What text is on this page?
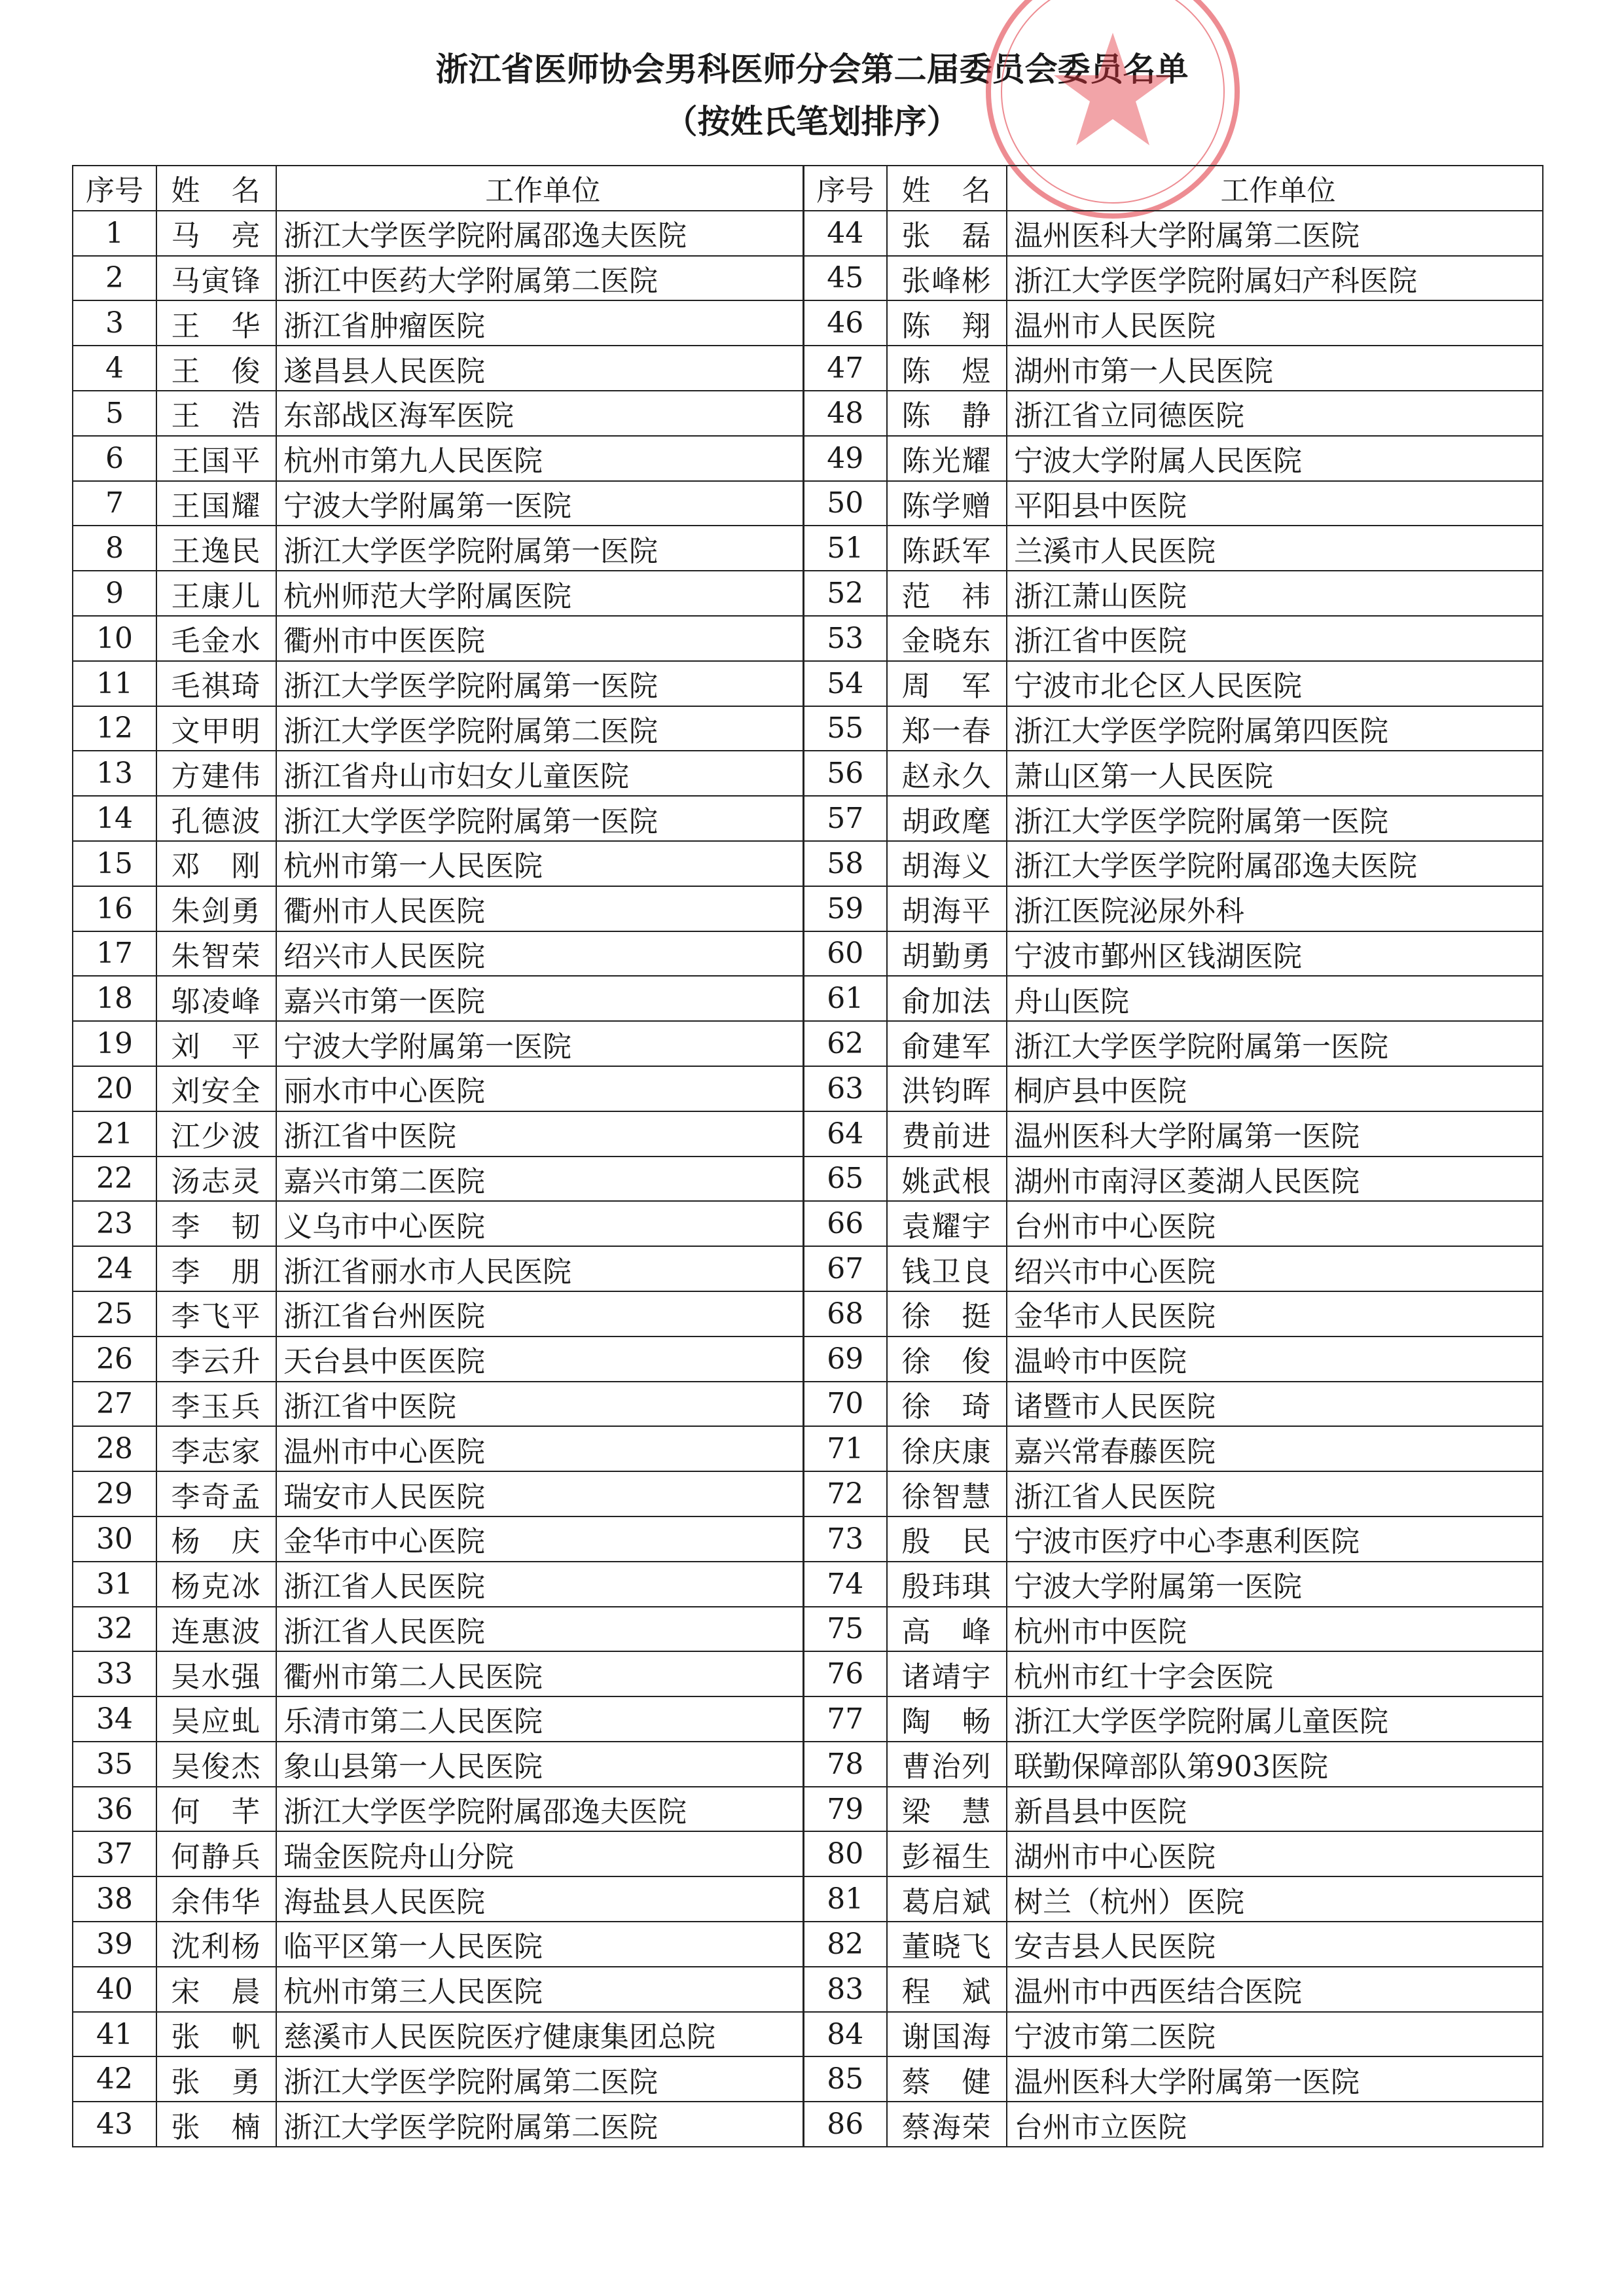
浙江省医师协会男科医师分会第二届委员会委员名单
（按姓氏笔划排序）
序号	姓　名	工作单位	序号	姓　名	工作单位
1	马　亮	浙江大学医学院附属邵逸夫医院	44	张　磊	温州医科大学附属第二医院
2	马寅锋	浙江中医药大学附属第二医院	45	张峰彬	浙江大学医学院附属妇产科医院
3	王　华	浙江省肿瘤医院	46	陈　翔	温州市人民医院
4	王　俊	遂昌县人民医院	47	陈　煜	湖州市第一人民医院
5	王　浩	东部战区海军医院	48	陈　静	浙江省立同德医院
6	王国平	杭州市第九人民医院	49	陈光耀	宁波大学附属人民医院
7	王国耀	宁波大学附属第一医院	50	陈学赠	平阳县中医院
8	王逸民	浙江大学医学院附属第一医院	51	陈跃军	兰溪市人民医院
9	王康儿	杭州师范大学附属医院	52	范　祎	浙江萧山医院
10	毛金水	衢州市中医医院	53	金晓东	浙江省中医院
11	毛祺琦	浙江大学医学院附属第一医院	54	周　军	宁波市北仑区人民医院
12	文甲明	浙江大学医学院附属第二医院	55	郑一春	浙江大学医学院附属第四医院
13	方建伟	浙江省舟山市妇女儿童医院	56	赵永久	萧山区第一人民医院
14	孔德波	浙江大学医学院附属第一医院	57	胡政麾	浙江大学医学院附属第一医院
15	邓　刚	杭州市第一人民医院	58	胡海义	浙江大学医学院附属邵逸夫医院
16	朱剑勇	衢州市人民医院	59	胡海平	浙江医院泌尿外科
17	朱智荣	绍兴市人民医院	60	胡勤勇	宁波市鄞州区钱湖医院
18	邬凌峰	嘉兴市第一医院	61	俞加法	舟山医院
19	刘　平	宁波大学附属第一医院	62	俞建军	浙江大学医学院附属第一医院
20	刘安全	丽水市中心医院	63	洪钧晖	桐庐县中医院
21	江少波	浙江省中医院	64	费前进	温州医科大学附属第一医院
22	汤志灵	嘉兴市第二医院	65	姚武根	湖州市南浔区菱湖人民医院
23	李　韧	义乌市中心医院	66	袁耀宇	台州市中心医院
24	李　朋	浙江省丽水市人民医院	67	钱卫良	绍兴市中心医院
25	李飞平	浙江省台州医院	68	徐　挺	金华市人民医院
26	李云升	天台县中医医院	69	徐　俊	温岭市中医院
27	李玉兵	浙江省中医院	70	徐　琦	诸暨市人民医院
28	李志家	温州市中心医院	71	徐庆康	嘉兴常春藤医院
29	李奇孟	瑞安市人民医院	72	徐智慧	浙江省人民医院
30	杨　庆	金华市中心医院	73	殷　民	宁波市医疗中心李惠利医院
31	杨克冰	浙江省人民医院	74	殷玮琪	宁波大学附属第一医院
32	连惠波	浙江省人民医院	75	高　峰	杭州市中医院
33	吴水强	衢州市第二人民医院	76	诸靖宇	杭州市红十字会医院
34	吴应虬	乐清市第二人民医院	77	陶　畅	浙江大学医学院附属儿童医院
35	吴俊杰	象山县第一人民医院	78	曹治列	联勤保障部队第903医院
36	何　芊	浙江大学医学院附属邵逸夫医院	79	梁　慧	新昌县中医院
37	何静兵	瑞金医院舟山分院	80	彭福生	湖州市中心医院
38	余伟华	海盐县人民医院	81	葛启斌	树兰（杭州）医院
39	沈利杨	临平区第一人民医院	82	董晓飞	安吉县人民医院
40	宋　晨	杭州市第三人民医院	83	程　斌	温州市中西医结合医院
41	张　帆	慈溪市人民医院医疗健康集团总院	84	谢国海	宁波市第二医院
42	张　勇	浙江大学医学院附属第二医院	85	蔡　健	温州医科大学附属第一医院
43	张　楠	浙江大学医学院附属第二医院	86	蔡海荣	台州市立医院
